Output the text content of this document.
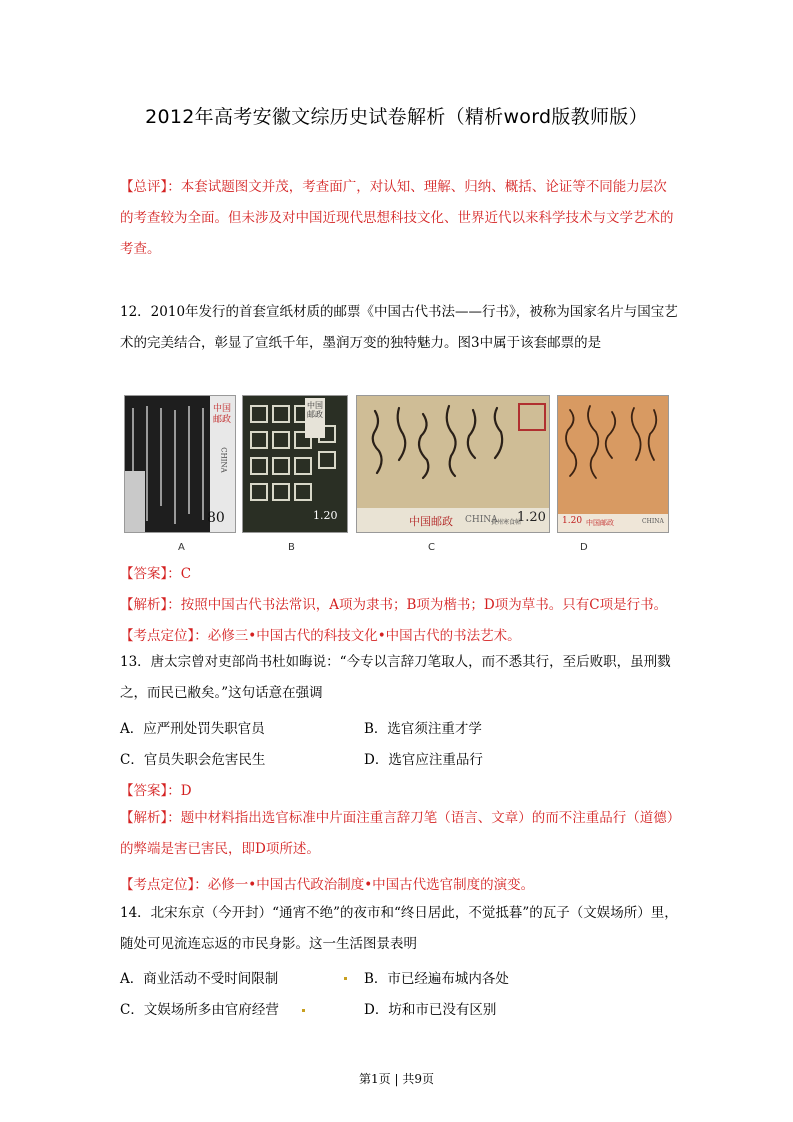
2012年高考安徽文综历史试卷解析（精析word版教师版）
【总评】：本套试题图文并茂，考查面广，对认知、理解、归纳、概括、论证等不同能力层次的考查较为全面。但未涉及对中国近现代思想科技文化、世界近代以来科学技术与文学艺术的考查。
12．2010年发行的首套宣纸材质的邮票《中国古代书法——行书》，被称为国家名片与国宝艺术的完美结合，彰显了宣纸千年，墨润万变的独特魅力。图3中属于该套邮票的是
中国邮政
CHINA
80
中国邮政
1.20	中国邮政 CHINA
黄州寒食帖
1.20 1.20 中国邮政	CHINA
A	B	C	D
【答案】：C
【解析】：按照中国古代书法常识，A项为隶书；B项为楷书；D项为草书。只有C项是行书。
【考点定位】：必修三•中国古代的科技文化•中国古代的书法艺术。
13．唐太宗曾对吏部尚书杜如晦说：“今专以言辞刀笔取人，而不悉其行，至后败职，虽刑戮之，而民已敝矣。”这句话意在强调
A．应严刑处罚失职官员	B．选官须注重才学
C．官员失职会危害民生	D．选官应注重品行
【答案】：D
【解析】：题中材料指出选官标准中片面注重言辞刀笔（语言、文章）的而不注重品行（道德）的弊端是害已害民，即D项所述。
【考点定位】：必修一•中国古代政治制度•中国古代选官制度的演变。
14．北宋东京（今开封）“通宵不绝”的夜市和“终日居此，不觉抵暮”的瓦子（文娱场所）里，随处可见流连忘返的市民身影。这一生活图景表明
A．商业活动不受时间限制	B．市已经遍布城内各处
C．文娱场所多由官府经营	D．坊和市已没有区别
第1页 | 共9页
